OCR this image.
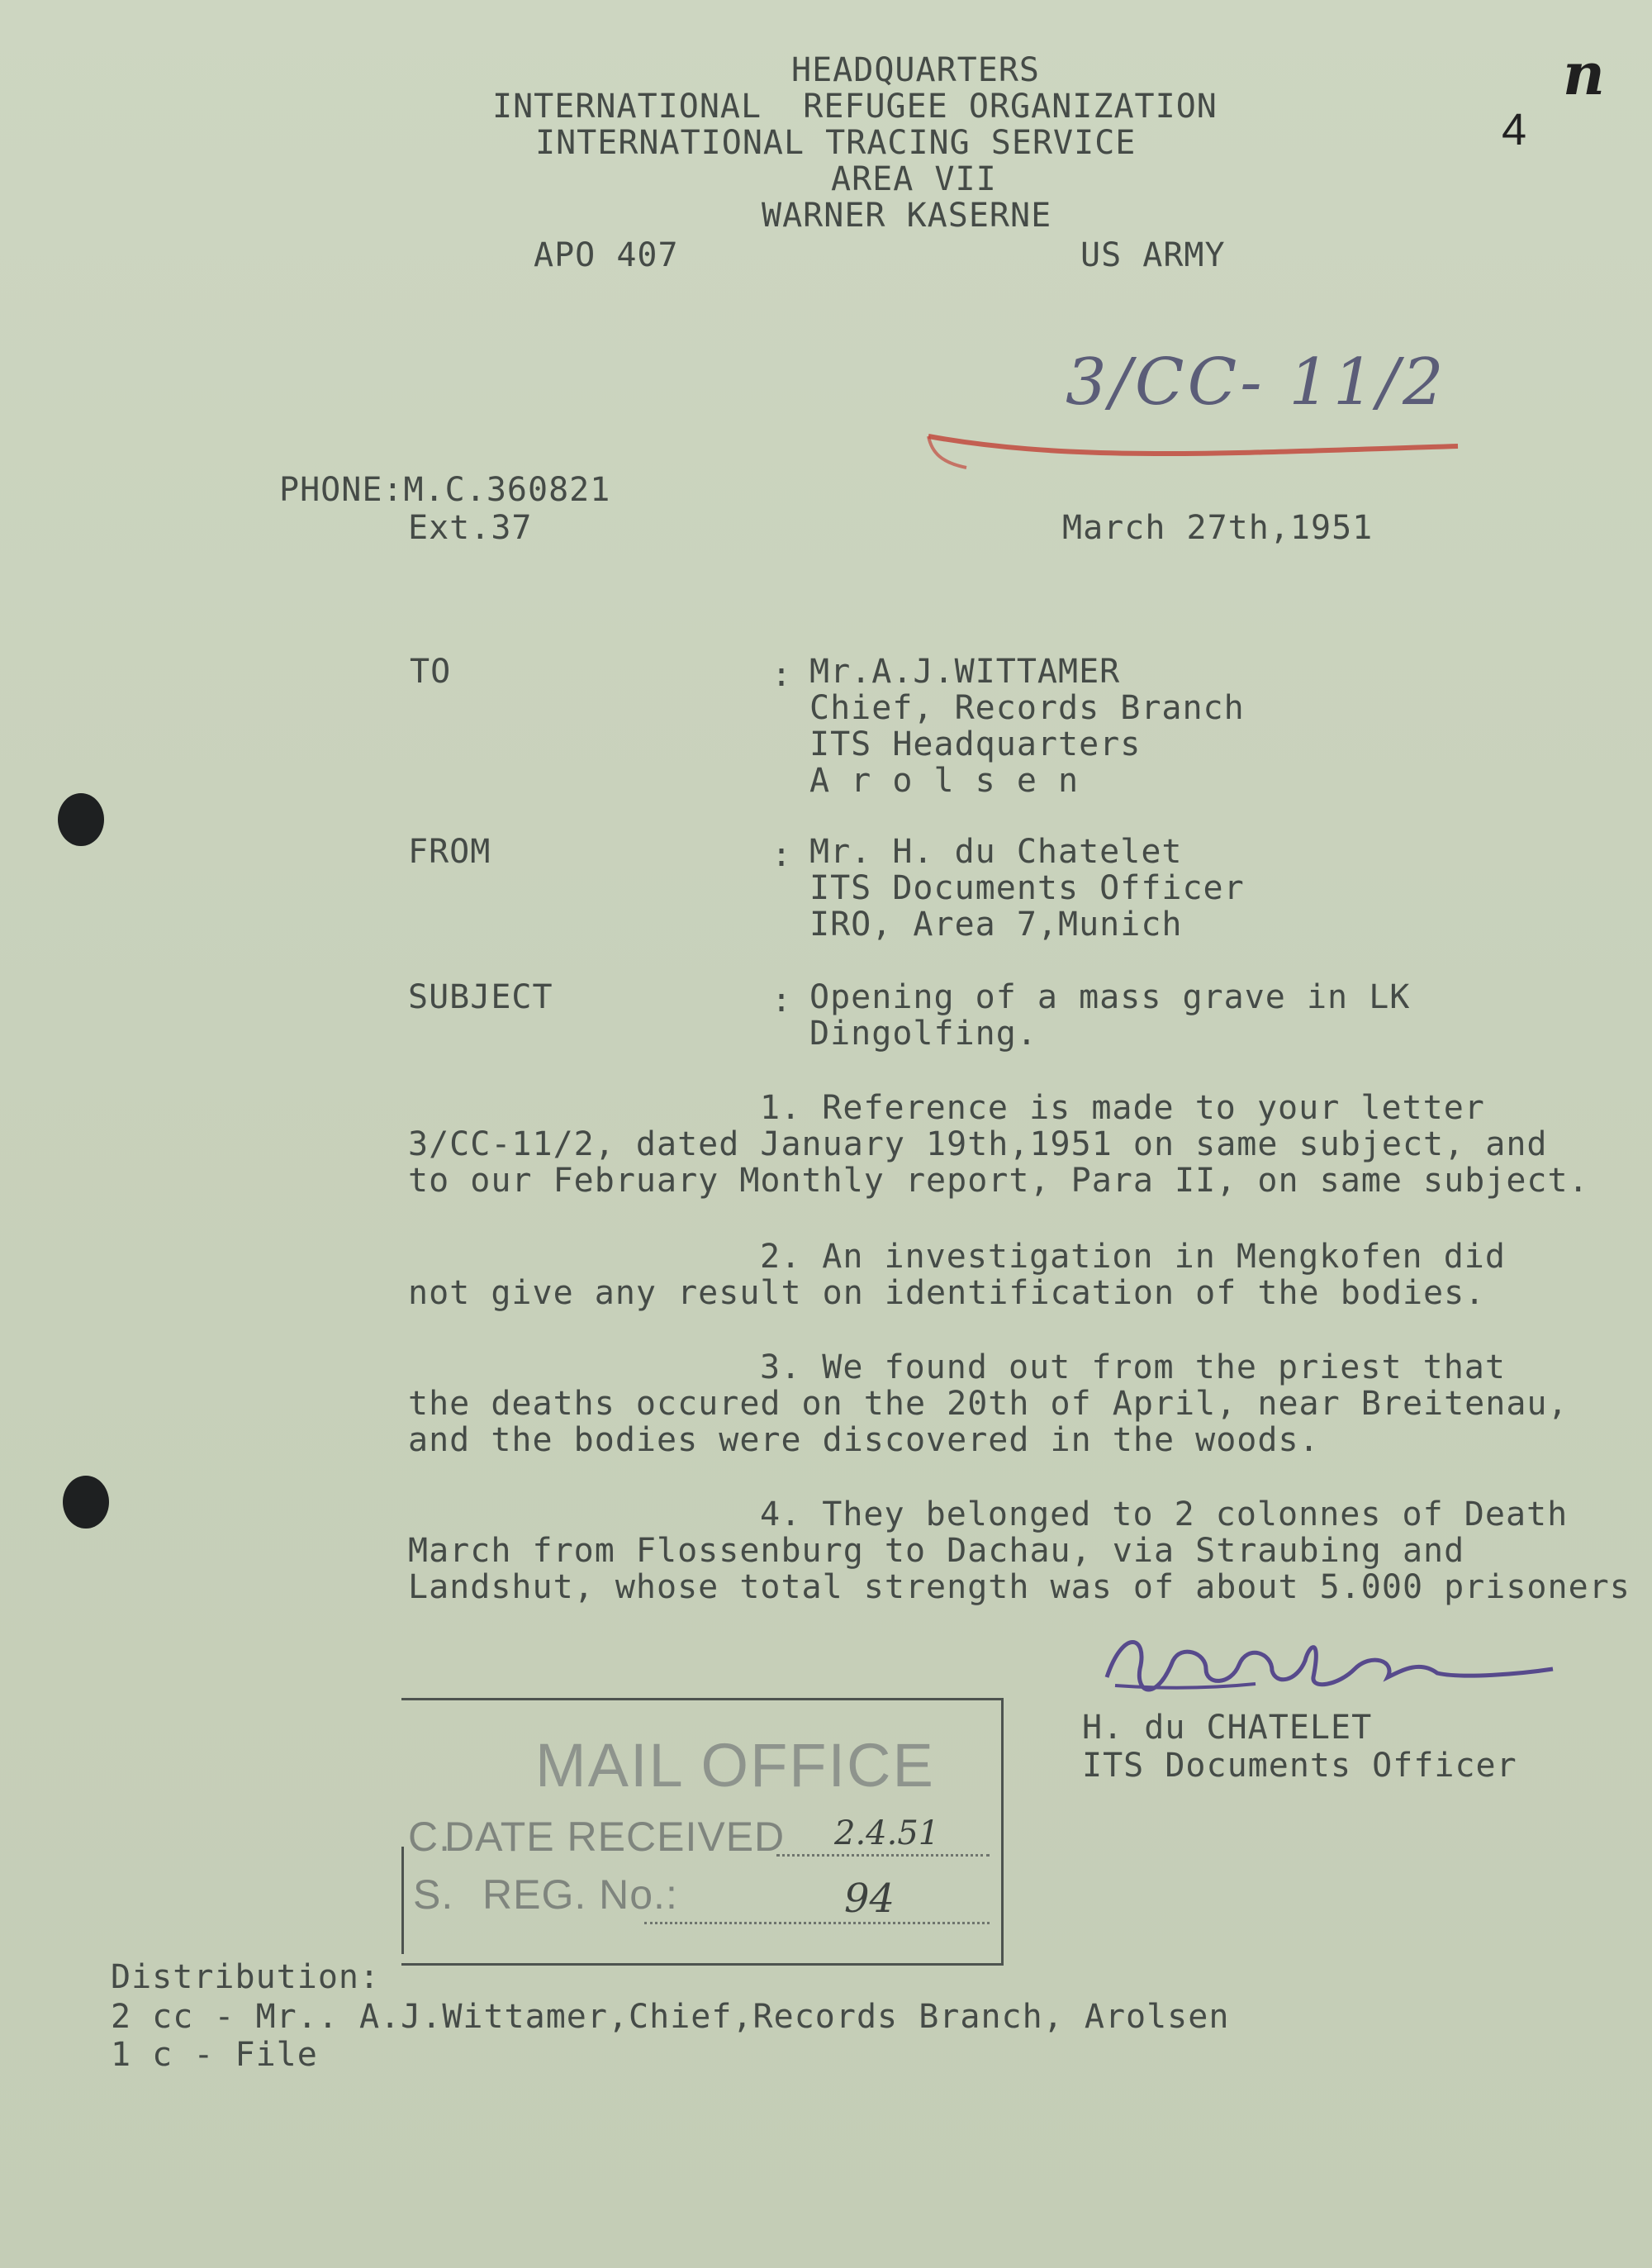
HEADQUARTERS
INTERNATIONAL  REFUGEE ORGANIZATION
INTERNATIONAL TRACING SERVICE
AREA VII
WARNER KASERNE
APO 407	US ARMY
4
n
3/CC- 11/2
PHONE:M.C.360821
Ext.37	March 27th,1951
TO	: Mr.A.J.WITTAMER
Chief, Records Branch
ITS Headquarters
A r o l s e n
FROM	: Mr. H. du Chatelet
ITS Documents Officer
IRO, Area 7,Munich
SUBJECT	: Opening of a mass grave in LK
Dingolfing.
1. Reference is made to your letter
3/CC-11/2, dated January 19th,1951 on same subject, and
to our February Monthly report, Para II, on same subject.
2. An investigation in Mengkofen did
not give any result on identification of the bodies.
3. We found out from the priest that
the deaths occured on the 20th of April, near Breitenau,
and the bodies were discovered in the woods.
4. They belonged to 2 colonnes of Death
March from Flossenburg to Dachau, via Straubing and
Landshut, whose total strength was of about 5.000 prisoners
H. du CHATELET
ITS Documents Officer
MAIL OFFICE
C.
DATE RECEIVED 2.4.51
S. REG. No.:	94
Distribution:
2 cc - Mr.. A.J.Wittamer,Chief,Records Branch, Arolsen
1 c - File
